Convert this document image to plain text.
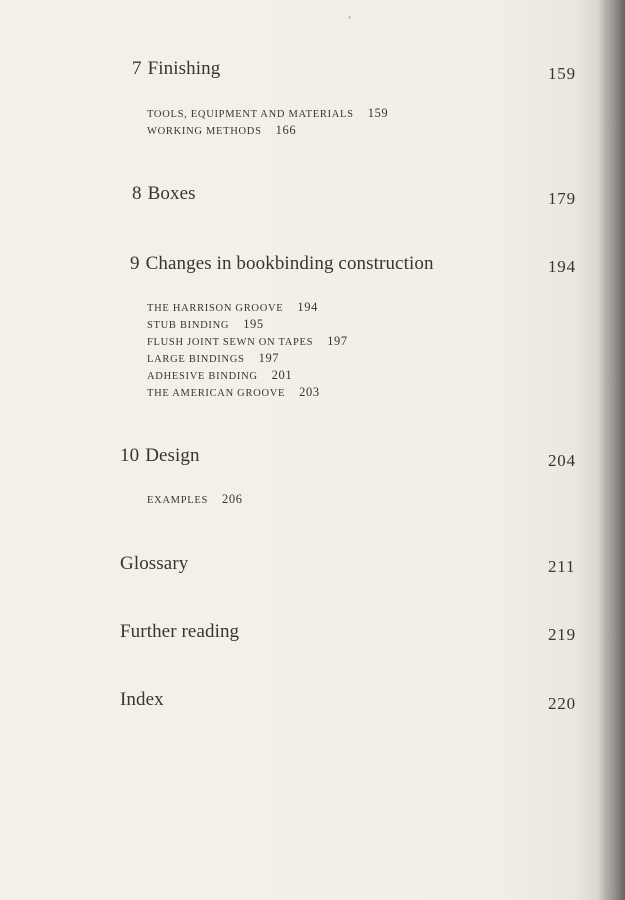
7 Finishing	159
TOOLS, EQUIPMENT AND MATERIALS 159
WORKING METHODS 166
8 Boxes	179
9 Changes in bookbinding construction	194
THE HARRISON GROOVE 194
STUB BINDING 195
FLUSH JOINT SEWN ON TAPES 197
LARGE BINDINGS 197
ADHESIVE BINDING 201
THE AMERICAN GROOVE 203
10 Design	204
EXAMPLES 206
Glossary	211
Further reading	219
Index	220
